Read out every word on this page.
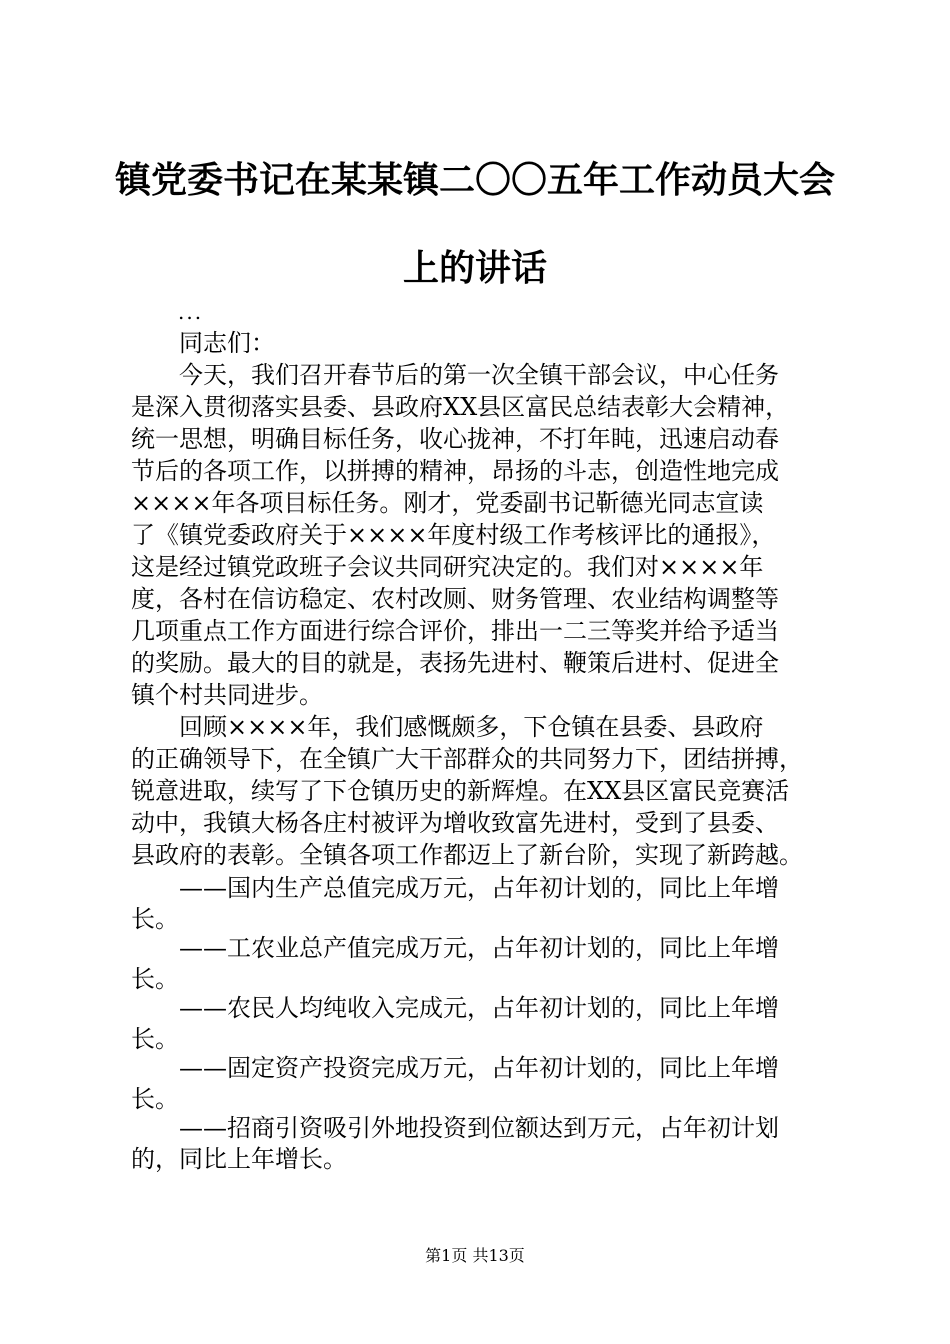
镇党委书记在某某镇二〇〇五年工作动员大会
上的讲话
...
同志们：
今天，我们召开春节后的第一次全镇干部会议，中心任务
是深入贯彻落实县委、县政府XX县区富民总结表彰大会精神，
统一思想，明确目标任务，收心拢神，不打年盹，迅速启动春
节后的各项工作，以拼搏的精神，昂扬的斗志，创造性地完成
××××年各项目标任务。刚才，党委副书记靳德光同志宣读
了《镇党委政府关于××××年度村级工作考核评比的通报》，
这是经过镇党政班子会议共同研究决定的。我们对××××年
度，各村在信访稳定、农村改厕、财务管理、农业结构调整等
几项重点工作方面进行综合评价，排出一二三等奖并给予适当
的奖励。最大的目的就是，表扬先进村、鞭策后进村、促进全
镇个村共同进步。
回顾××××年，我们感慨颇多，下仓镇在县委、县政府
的正确领导下，在全镇广大干部群众的共同努力下，团结拼搏，
锐意进取，续写了下仓镇历史的新辉煌。在XX县区富民竞赛活
动中，我镇大杨各庄村被评为增收致富先进村，受到了县委、
县政府的表彰。全镇各项工作都迈上了新台阶，实现了新跨越。
——国内生产总值完成万元，占年初计划的，同比上年增
长。
——工农业总产值完成万元，占年初计划的，同比上年增
长。
——农民人均纯收入完成元，占年初计划的，同比上年增
长。
——固定资产投资完成万元，占年初计划的，同比上年增
长。
——招商引资吸引外地投资到位额达到万元，占年初计划
的，同比上年增长。
第1页 共13页
